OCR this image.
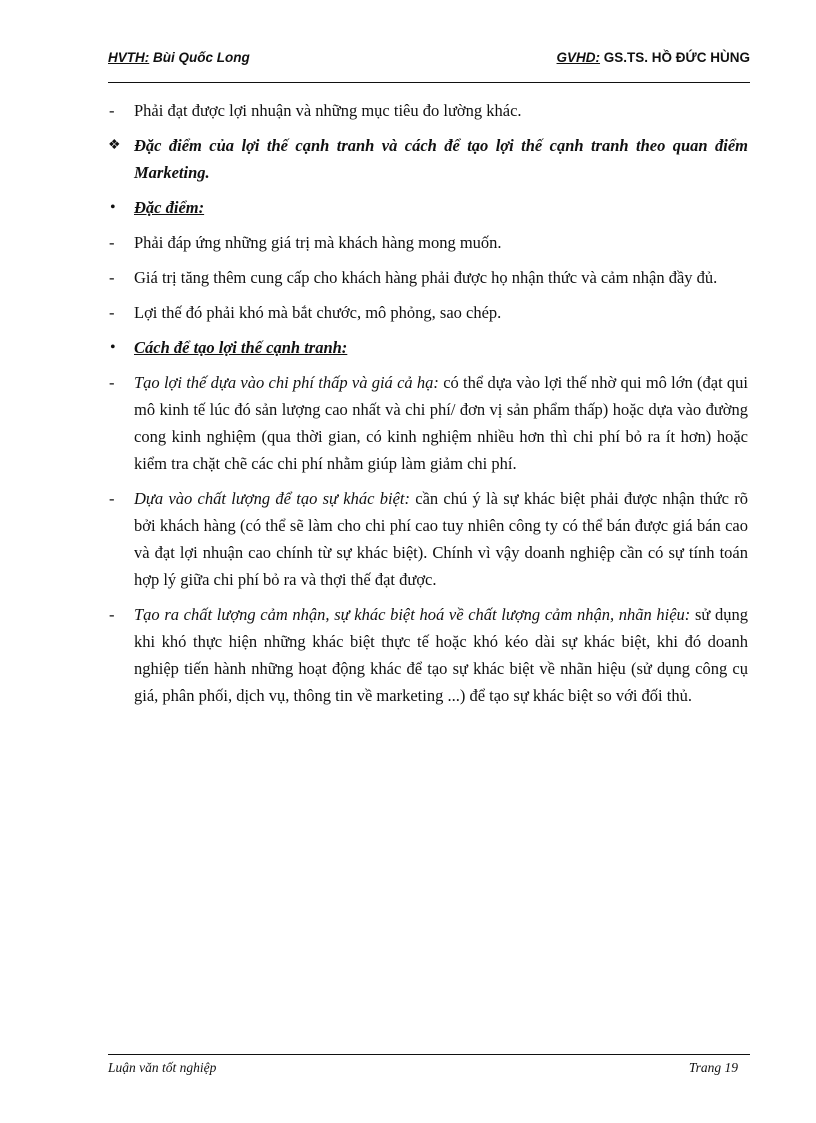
HVTH: Bùi Quốc Long	GVHD: GS.TS. HỒ ĐỨC HÙNG
-	Phải đạt được lợi nhuận và những mục tiêu đo lường khác.
❖ Đặc điểm của lợi thế cạnh tranh và cách để tạo lợi thế cạnh tranh theo quan điểm Marketing.
•	Đặc điểm:
-	Phải đáp ứng những giá trị mà khách hàng mong muốn.
-	Giá trị tăng thêm cung cấp cho khách hàng phải được họ nhận thức và cảm nhận đầy đủ.
-	Lợi thế đó phải khó mà bắt chước, mô phỏng, sao chép.
•	Cách để tạo lợi thế cạnh tranh:
-	Tạo lợi thế dựa vào chi phí thấp và giá cả hạ: có thể dựa vào lợi thế nhờ qui mô lớn (đạt qui mô kinh tế lúc đó sản lượng cao nhất và chi phí/ đơn vị sản phẩm thấp) hoặc dựa vào đường cong kinh nghiệm (qua thời gian, có kinh nghiệm nhiều hơn thì chi phí bỏ ra ít hơn) hoặc kiểm tra chặt chẽ các chi phí nhằm giúp làm giảm chi phí.
-	Dựa vào chất lượng để tạo sự khác biệt: cần chú ý là sự khác biệt phải được nhận thức rõ bởi khách hàng (có thể sẽ làm cho chi phí cao tuy nhiên công ty có thể bán được giá bán cao và đạt lợi nhuận cao chính từ sự khác biệt). Chính vì vậy doanh nghiệp cần có sự tính toán hợp lý giữa chi phí bỏ ra và thợi thế đạt được.
-	Tạo ra chất lượng cảm nhận, sự khác biệt hoá về chất lượng cảm nhận, nhãn hiệu: sử dụng khi khó thực hiện những khác biệt thực tế hoặc khó kéo dài sự khác biệt, khi đó doanh nghiệp tiến hành những hoạt động khác để tạo sự khác biệt về nhãn hiệu (sử dụng công cụ giá, phân phối, dịch vụ, thông tin về marketing ...) để tạo sự khác biệt so với đối thủ.
Luận văn tốt nghiệp	Trang 19
